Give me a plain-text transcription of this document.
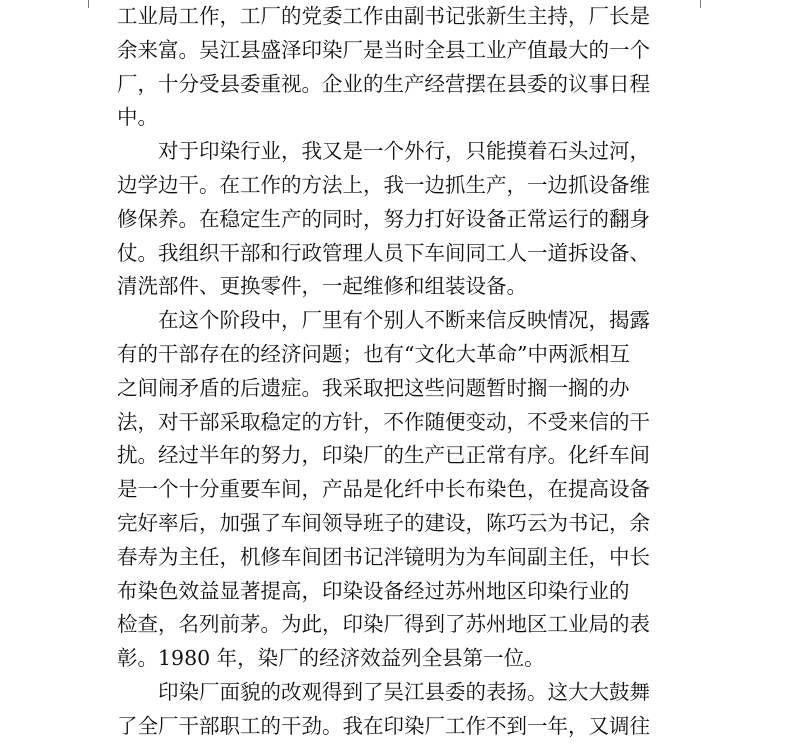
工业局工作，工厂的党委工作由副书记张新生主持，厂长是
余来富。吴江县盛泽印染厂是当时全县工业产值最大的一个
厂，十分受县委重视。企业的生产经营摆在县委的议事日程
中。
对于印染行业，我又是一个外行，只能摸着石头过河，
边学边干。在工作的方法上，我一边抓生产，一边抓设备维
修保养。在稳定生产的同时，努力打好设备正常运行的翻身
仗。我组织干部和行政管理人员下车间同工人一道拆设备、
清洗部件、更换零件，一起维修和组装设备。
在这个阶段中，厂里有个别人不断来信反映情况，揭露
有的干部存在的经济问题；也有“文化大革命”中两派相互
之间闹矛盾的后遗症。我采取把这些问题暂时搁一搁的办
法，对干部采取稳定的方针，不作随便变动，不受来信的干
扰。经过半年的努力，印染厂的生产已正常有序。化纤车间
是一个十分重要车间，产品是化纤中长布染色，在提高设备
完好率后，加强了车间领导班子的建设，陈巧云为书记，余
春寿为主任，机修车间团书记泮镜明为为车间副主任，中长
布染色效益显著提高，印染设备经过苏州地区印染行业的
检查，名列前茅。为此，印染厂得到了苏州地区工业局的表
彰。1980 年，染厂的经济效益列全县第一位。
印染厂面貌的改观得到了吴江县委的表扬。这大大鼓舞
了全厂干部职工的干劲。我在印染厂工作不到一年，又调往
